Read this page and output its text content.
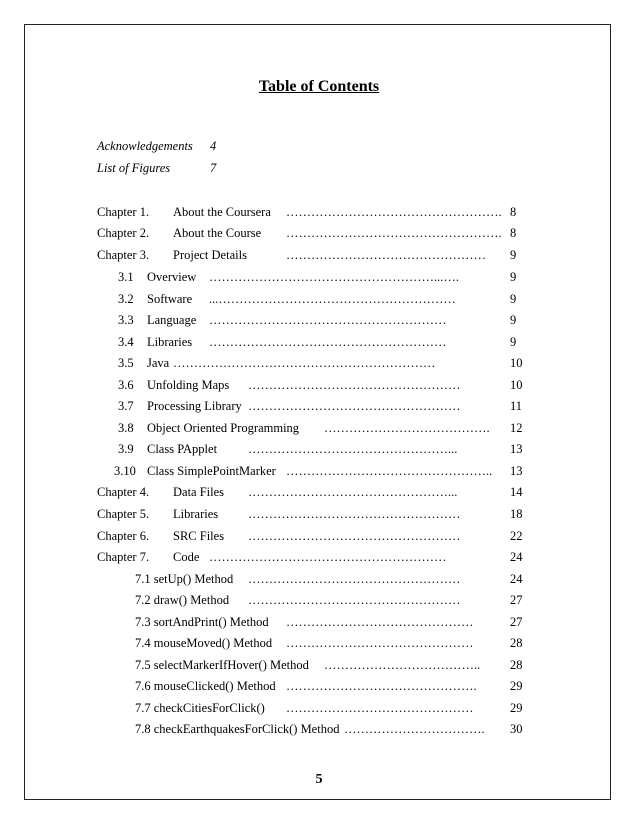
Table of Contents
Acknowledgements 4
List of Figures	7
Chapter 1. About the Coursera ……………………………………………. 8
Chapter 2. About the Course ……………………………………………. 8
Chapter 3. Project Details	………………………………………… 9
3.1 Overview ………………………………………………...….	9
3.2 Software ...…………………………………………………	9
3.3 Language …………………………………………………	9
3.4 Libraries …………………………………………………	9
3.5 Java ………………………………………………………	10
3.6 Unfolding Maps ……………………………………………	10
3.7 Processing Library ……………………………………………	11
3.8 Object Oriented Programming …………………………………. 12
3.9 Class PApplet …………………………………………...	13
3.10 Class SimplePointMarker ………………………………………….. 13
Chapter 4. Data Files …………………………………………...	14
Chapter 5. Libraries ……………………………………………	18
Chapter 6. SRC Files ……………………………………………	22
Chapter 7. Code …………………………………………………	24
7.1 setUp() Method ……………………………………………	24
7.2 draw() Method ……………………………………………	27
7.3 sortAndPrint() Method ………………………………………	27
7.4 mouseMoved() Method ………………………………………	28
7.5 selectMarkerIfHover() Method ……………………………….. 28
7.6 mouseClicked() Method ……………………………………….	29
7.7 checkCitiesForClick() ………………………………………	29
7.8 checkEarthquakesForClick() Method ……………………………. 30
5
